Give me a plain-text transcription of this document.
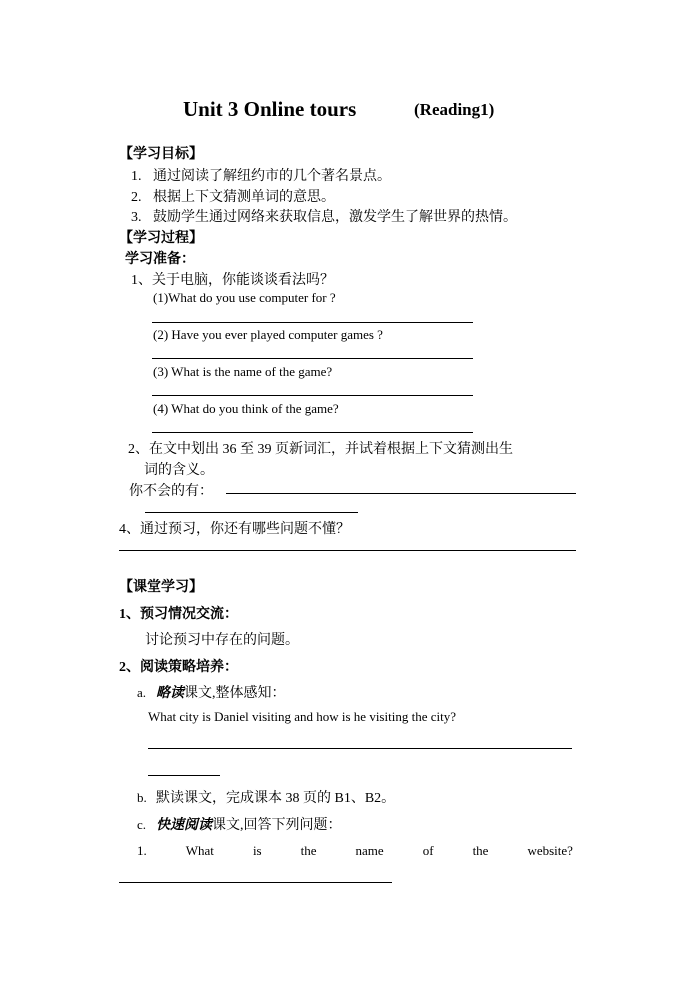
Unit 3 Online tours	(Reading1)
【学习目标】
1. 通过阅读了解纽约市的几个著名景点。
2. 根据上下文猜测单词的意思。
3. 鼓励学生通过网络来获取信息，激发学生了解世界的热情。
【学习过程】
学习准备：
1、关于电脑，你能谈谈看法吗？
(1)What do you use computer for ?
(2) Have you ever played computer games ?
(3) What is the name of the game?
(4) What do you think of the game?
2、在文中划出 36 至 39 页新词汇，并试着根据上下文猜测出生
词的含义。
你不会的有：
4、通过预习，你还有哪些问题不懂？
【课堂学习】
1、预习情况交流：
讨论预习中存在的问题。
2、阅读策略培养：
a. 略读课文,整体感知：
What city is Daniel visiting and how is he visiting the city?
b. 默读课文，完成课本 38 页的 B1、B2。
c. 快速阅读课文,回答下列问题：
1.	What	is	the	name	of	the	website?
